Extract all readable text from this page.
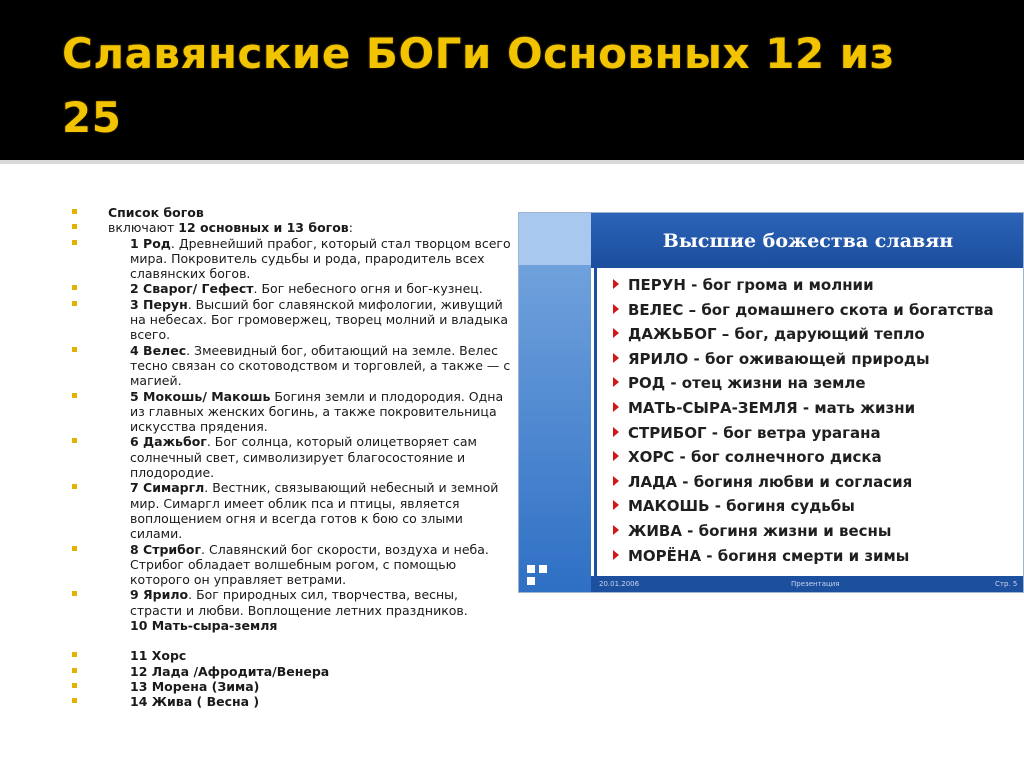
Славянские БОГи Основных 12 из 25
Список богов
включают 12 основных и 13 богов:
1 Род. Древнейший прабог, который стал творцом всего мира. Покровитель судьбы и рода, прародитель всех славянских богов.
2 Сварог/ Гефест. Бог небесного огня и бог-кузнец.
3 Перун. Высший бог славянской мифологии, живущий на небесах. Бог громовержец, творец молний и владыка всего.
4 Велес. Змеевидный бог, обитающий на земле. Велес тесно связан со скотоводством и торговлей, а также — с магией.
5 Мокошь/ Макошь Богиня земли и плодородия. Одна из главных женских богинь, а также покровительница искусства прядения.
6 Дажьбог. Бог солнца, который олицетворяет сам солнечный свет, символизирует благосостояние и плодородие.
7 Симаргл. Вестник, связывающий небесный и земной мир. Симаргл имеет облик пса и птицы, является воплощением огня и всегда готов к бою со злыми силами.
8 Стрибог. Славянский бог скорости, воздуха и неба. Стрибог обладает волшебным рогом, с помощью которого он управляет ветрами.
9 Ярило. Бог природных сил, творчества, весны, страсти и любви. Воплощение летних праздников.
10 Мать-сыра-земля
11 Хорс
12 Лада /Афродита/Венера
13 Морена (Зима)
14 Жива ( Весна )
Высшие божества славян
ПЕРУН - бог грома и молнии
ВЕЛЕС – бог домашнего скота и богатства
ДАЖЬБОГ – бог, дарующий тепло
ЯРИЛО - бог оживающей природы
РОД - отец жизни на земле
МАТЬ-СЫРА-ЗЕМЛЯ - мать жизни
СТРИБОГ - бог ветра урагана
ХОРС - бог солнечного диска
ЛАДА - богиня любви и согласия
МАКОШЬ - богиня судьбы
ЖИВА - богиня жизни и весны
МОРЁНА - богиня смерти и зимы
20.01.2006	Презентация	Стр. 5
